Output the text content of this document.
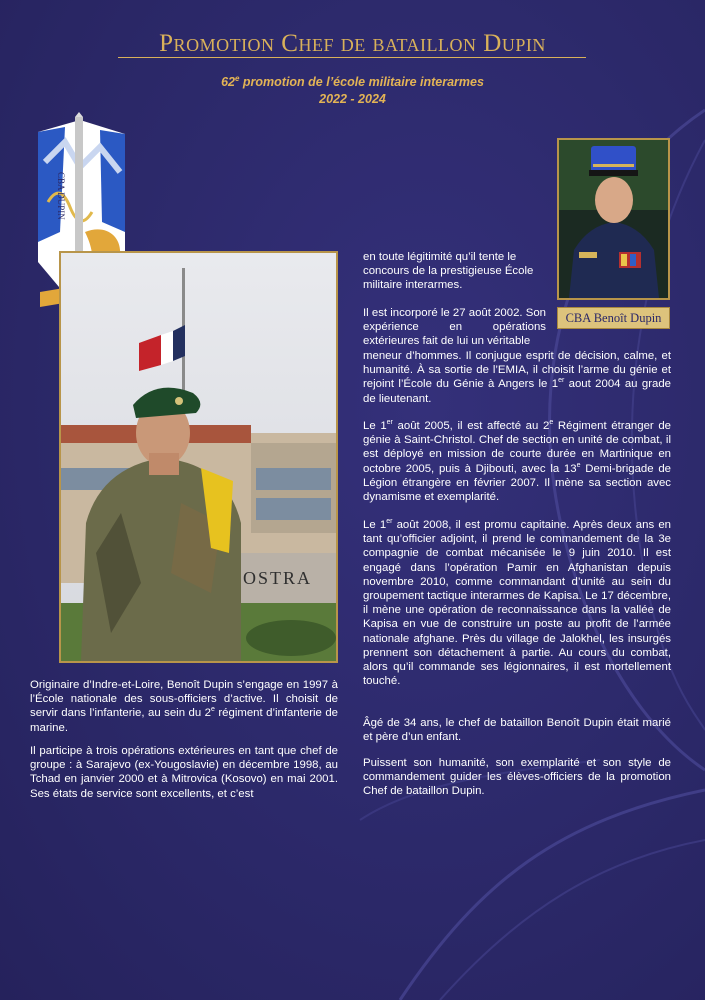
Promotion Chef de bataillon Dupin
62e promotion de l’école militaire interarmes
2022 - 2024
CBA DUPIN
OSTRA
CBA Benoît Dupin

Originaire d’Indre-et-Loire, Benoît Dupin s’engage en 1997 à l’École nationale des sous-officiers d’active. Il choisit de servir dans l’infanterie, au sein du 2e régiment d’infanterie de marine.

Il participe à trois opérations extérieures en tant que chef de groupe : à Sarajevo (ex-Yougoslavie) en décembre 1998, au Tchad en janvier 2000 et à Mitrovica (Kosovo) en mai 2001. Ses états de service sont excellents, et c’est

en toute légitimité qu’il tente le concours de la prestigieuse École militaire interarmes.

Il est incorporé le 27 août 2002. Son expérience en opérations extérieures fait de lui un véritable

meneur d’hommes. Il conjugue esprit de décision, calme, et humanité. À sa sortie de l’EMIA, il choisit l’arme du génie et rejoint l’École du Génie à Angers le 1er aout 2004 au grade de lieutenant.

Le 1er août 2005, il est affecté au 2e Régiment étranger de génie à Saint-Christol. Chef de section en unité de combat, il est déployé en mission de courte durée en Martinique en octobre 2005, puis à Djibouti, avec la 13e Demi-brigade de Légion étrangère en février 2007. Il mène sa section avec dynamisme et exemplarité.

Le 1er août 2008, il est promu capitaine. Après deux ans en tant qu’officier adjoint, il prend le commandement de la 3e compagnie de combat mécanisée le 9 juin 2010. Il est engagé dans l’opération Pamir en Afghanistan depuis novembre 2010, comme commandant d’unité au sein du groupement tactique interarmes de Kapisa. Le 17 décembre, il mène une opération de reconnaissance dans la vallée de Kapisa en vue de construire un poste au profit de l’armée nationale afghane. Près du village de Jalokhel, les insurgés prennent son détachement à partie. Au cours du combat, alors qu’il commande ses légionnaires, il est mortellement touché.

Âgé de 34 ans, le chef de bataillon Benoît Dupin était marié et père d’un enfant.

Puissent son humanité, son exemplarité et son style de commandement guider les élèves-officiers de la promotion Chef de bataillon Dupin.
